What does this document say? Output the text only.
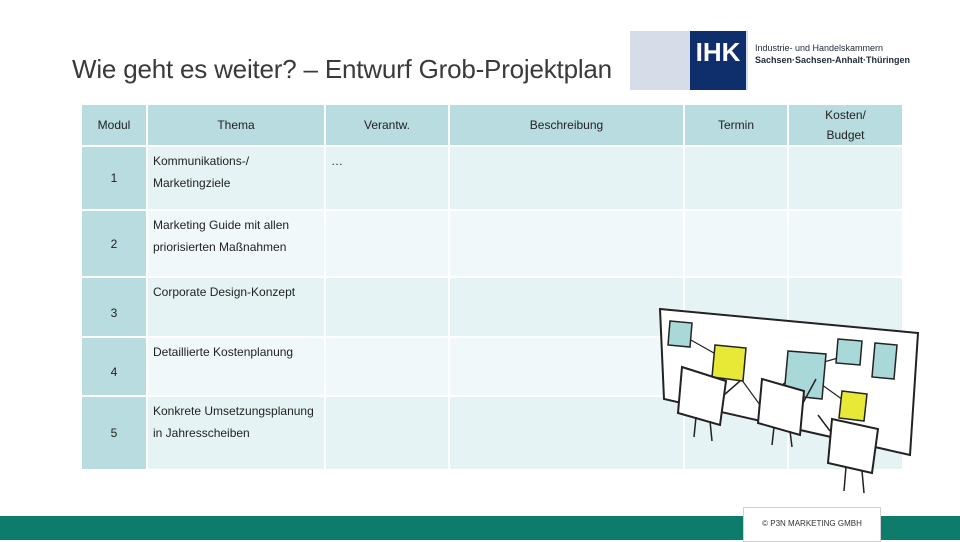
Wie geht es weiter? – Entwurf Grob-Projektplan
IHK	Industrie- und Handelskammern
Sachsen·Sachsen-Anhalt·Thüringen
Modul	Thema	Verantw.	Beschreibung	Termin	Kosten/
Budget

1	Kommunikations-/ Marketingziele	…			
2	Marketing Guide mit allen priorisierten Maßnahmen				
3	Corporate Design-Konzept				
4	Detaillierte Kostenplanung				
5	Konkrete Umsetzungsplanung in Jahresscheiben				
© P3N MARKETING GMBH
